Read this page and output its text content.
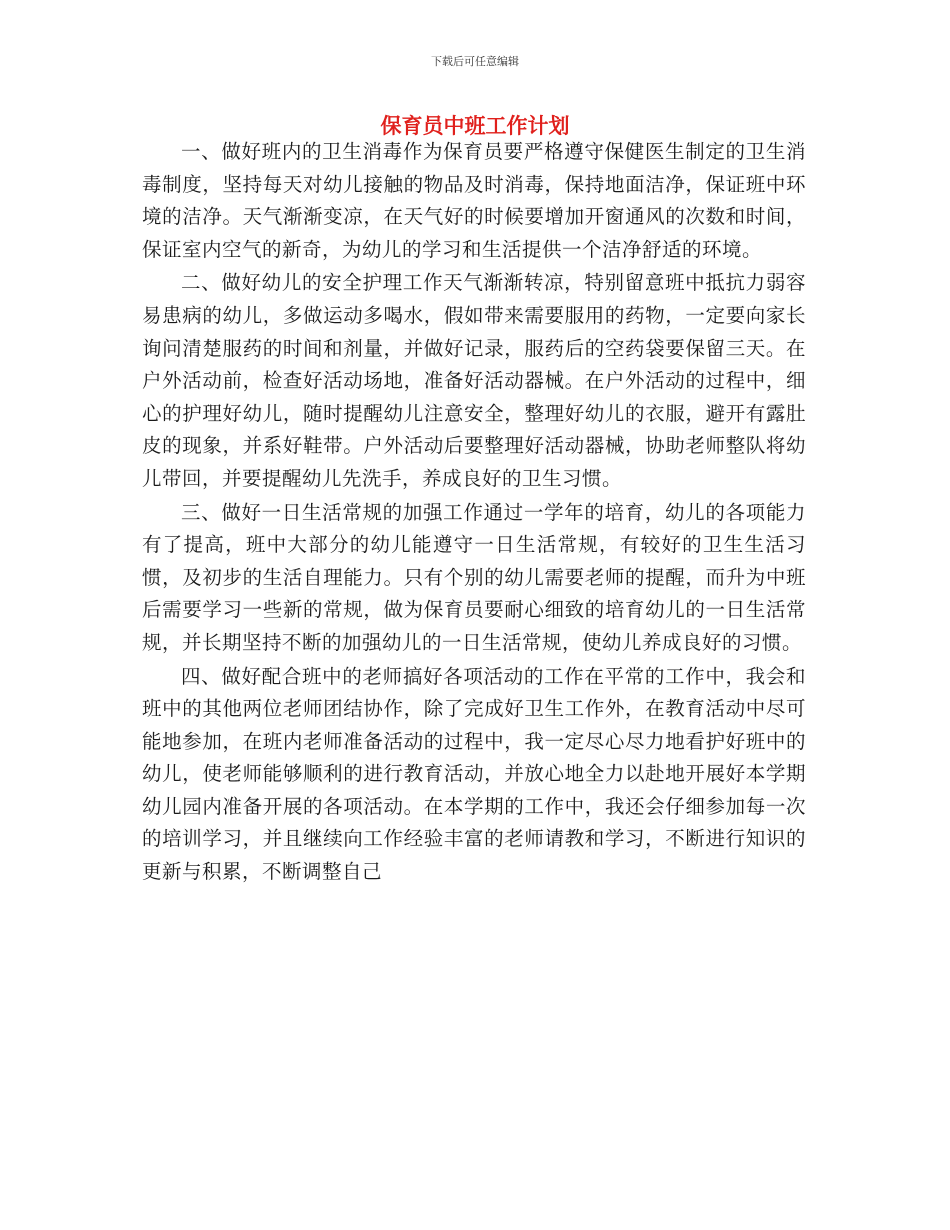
下载后可任意编辑
保育员中班工作计划

一、做好班内的卫生消毒作为保育员要严格遵守保健医生制定的卫生消毒制度，坚持每天对幼儿接触的物品及时消毒，保持地面洁净，保证班中环境的洁净。天气渐渐变凉，在天气好的时候要增加开窗通风的次数和时间，保证室内空气的新奇，为幼儿的学习和生活提供一个洁净舒适的环境。

二、做好幼儿的安全护理工作天气渐渐转凉，特别留意班中抵抗力弱容易患病的幼儿，多做运动多喝水，假如带来需要服用的药物，一定要向家长询问清楚服药的时间和剂量，并做好记录，服药后的空药袋要保留三天。在户外活动前，检查好活动场地，准备好活动器械。在户外活动的过程中，细心的护理好幼儿，随时提醒幼儿注意安全，整理好幼儿的衣服，避开有露肚皮的现象，并系好鞋带。户外活动后要整理好活动器械，协助老师整队将幼儿带回，并要提醒幼儿先洗手，养成良好的卫生习惯。

三、做好一日生活常规的加强工作通过一学年的培育，幼儿的各项能力有了提高，班中大部分的幼儿能遵守一日生活常规，有较好的卫生生活习惯，及初步的生活自理能力。只有个别的幼儿需要老师的提醒，而升为中班后需要学习一些新的常规，做为保育员要耐心细致的培育幼儿的一日生活常规，并长期坚持不断的加强幼儿的一日生活常规，使幼儿养成良好的习惯。

四、做好配合班中的老师搞好各项活动的工作在平常的工作中，我会和班中的其他两位老师团结协作，除了完成好卫生工作外，在教育活动中尽可能地参加，在班内老师准备活动的过程中，我一定尽心尽力地看护好班中的幼儿，使老师能够顺利的进行教育活动，并放心地全力以赴地开展好本学期幼儿园内准备开展的各项活动。在本学期的工作中，我还会仔细参加每一次的培训学习，并且继续向工作经验丰富的老师请教和学习，不断进行知识的更新与积累，不断调整自己
